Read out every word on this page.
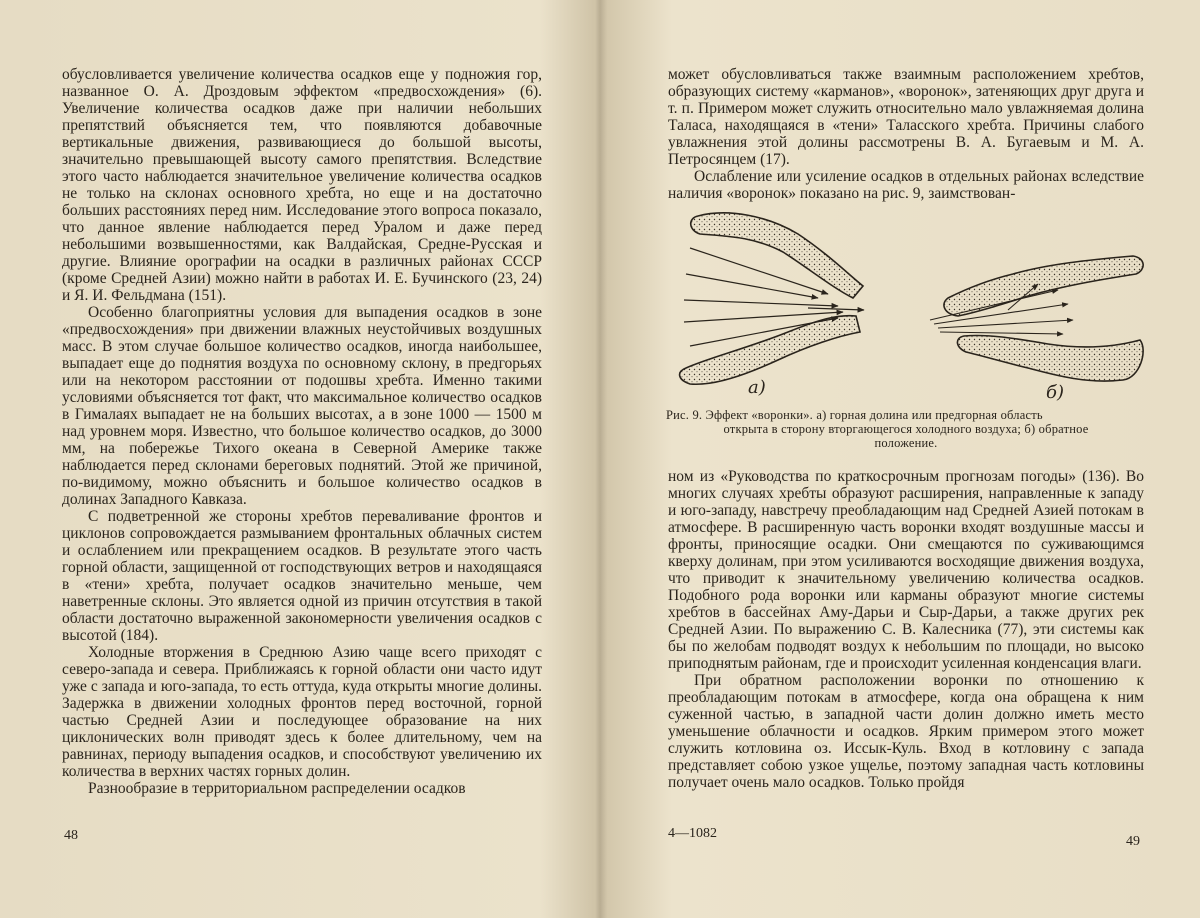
обусловливается увеличение количества осадков еще у подножия гор, названное О. А. Дроздовым эффектом «предвосхождения» (6). Увеличение количества осадков даже при наличии небольших препятствий объясняется тем, что появляются добавочные вертикальные движения, развивающиеся до большой высоты, значительно превышающей высоту самого препятствия. Вследствие этого часто наблюдается значительное увеличение количества осадков не только на склонах основного хребта, но еще и на достаточно больших расстояниях перед ним. Исследование этого вопроса показало, что данное явление наблюдается перед Уралом и даже перед небольшими возвышенностями, как Валдайская, Средне-Русская и другие. Влияние орографии на осадки в различных районах СССР (кроме Средней Азии) можно найти в работах И. Е. Бучинского (23, 24) и Я. И. Фельдмана (151).

Особенно благоприятны условия для выпадения осадков в зоне «предвосхождения» при движении влажных неустойчивых воздушных масс. В этом случае большое количество осадков, иногда наибольшее, выпадает еще до поднятия воздуха по основному склону, в предгорьях или на некотором расстоянии от подошвы хребта. Именно такими условиями объясняется тот факт, что максимальное количество осадков в Гималаях выпадает не на больших высотах, а в зоне 1000 — 1500 м над уровнем моря. Известно, что большое количество осадков, до 3000 мм, на побережье Тихого океана в Северной Америке также наблюдается перед склонами береговых поднятий. Этой же причиной, по-видимому, можно объяснить и большое количество осадков в долинах Западного Кавказа.

С подветренной же стороны хребтов переваливание фронтов и циклонов сопровождается размыванием фронтальных облачных систем и ослаблением или прекращением осадков. В результате этого часть горной области, защищенной от господствующих ветров и находящаяся в «тени» хребта, получает осадков значительно меньше, чем наветренные склоны. Это является одной из причин отсутствия в такой области достаточно выраженной закономерности увеличения осадков с высотой (184).

Холодные вторжения в Среднюю Азию чаще всего приходят с северо-запада и севера. Приближаясь к горной области они часто идут уже с запада и юго-запада, то есть оттуда, куда открыты многие долины. Задержка в движении холодных фронтов перед восточной, горной частью Средней Азии и последующее образование на них циклонических волн приводят здесь к более длительному, чем на равнинах, периоду выпадения осадков, и способствуют увеличению их количества в верхних частях горных долин.

Разнообразие в территориальном распределении осадков

48

может обусловливаться также взаимным расположением хребтов, образующих систему «карманов», «воронок», затеняющих друг друга и т. п. Примером может служить относительно мало увлажняемая долина Таласа, находящаяся в «тени» Таласского хребта. Причины слабого увлажнения этой долины рассмотрены В. А. Бугаевым и М. А. Петросянцем (17).

Ослабление или усиление осадков в отдельных районах вследствие наличия «воронок» показано на рис. 9, заимствован-

а)	б)
Рис. 9. Эффект «воронки». а) горная долина или предгорная область
открыта в сторону вторгающегося холодного воздуха; б) обратное
положение.

ном из «Руководства по краткосрочным прогнозам погоды» (136). Во многих случаях хребты образуют расширения, направленные к западу и юго-западу, навстречу преобладающим над Средней Азией потокам в атмосфере. В расширенную часть воронки входят воздушные массы и фронты, приносящие осадки. Они смещаются по суживающимся кверху долинам, при этом усиливаются восходящие движения воздуха, что приводит к значительному увеличению количества осадков. Подобного рода воронки или карманы образуют многие системы хребтов в бассейнах Аму-Дарьи и Сыр-Дарьи, а также других рек Средней Азии. По выражению С. В. Калесника (77), эти системы как бы по желобам подводят воздух к небольшим по площади, но высоко приподнятым районам, где и происходит усиленная конденсация влаги.

При обратном расположении воронки по отношению к преобладающим потокам в атмосфере, когда она обращена к ним суженной частью, в западной части долин должно иметь место уменьшение облачности и осадков. Ярким примером этого может служить котловина оз. Иссык-Куль. Вход в котловину с запада представляет собою узкое ущелье, поэтому западная часть котловины получает очень мало осадков. Только пройдя

4—1082
49
